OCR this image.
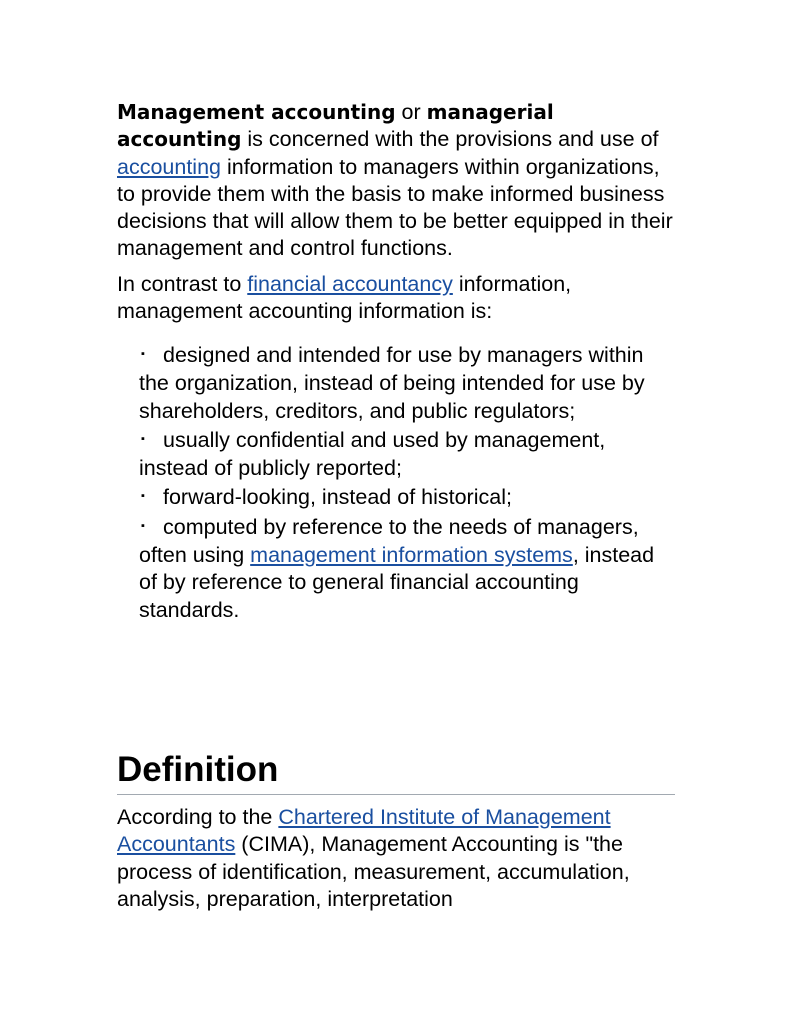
Management accounting or managerial accounting is concerned with the provisions and use of accounting information to managers within organizations, to provide them with the basis to make informed business decisions that will allow them to be better equipped in their management and control functions.

In contrast to financial accountancy information, management accounting information is:

▪ designed and intended for use by managers within the organization, instead of being intended for use by shareholders, creditors, and public regulators;
▪ usually confidential and used by management, instead of publicly reported;
▪ forward-looking, instead of historical;
▪ computed by reference to the needs of managers, often using management information systems, instead of by reference to general financial accounting standards.
Definition

According to the Chartered Institute of Management Accountants (CIMA), Management Accounting is "the process of identification, measurement, accumulation, analysis, preparation, interpretation
